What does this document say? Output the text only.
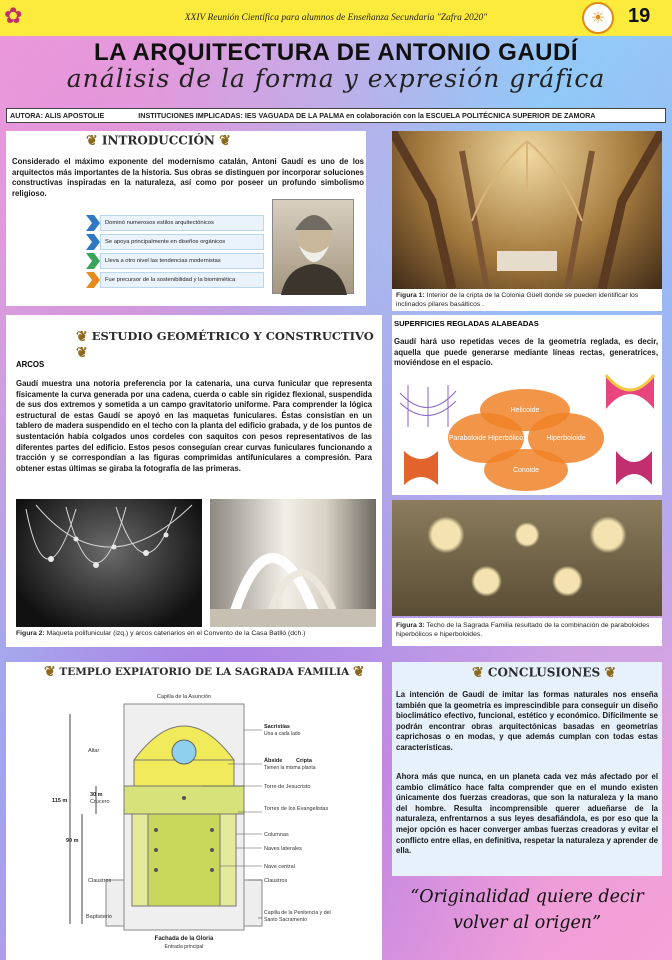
✿	XXIV Reunión Científica para alumnos de Enseñanza Secundaria "Zafra 2020"	☀	19
LA ARQUITECTURA DE ANTONIO GAUDÍ
análisis de la forma y expresión gráfica
AUTORA: ALIS APOSTOLIE	INSTITUCIONES IMPLICADAS: IES VAGUADA DE LA PALMA en colaboración con la ESCUELA POLITÉCNICA SUPERIOR DE ZAMORA
❦ INTRODUCCIÓN ❦
Considerado el máximo exponente del modernismo catalán, Antoni Gaudí es uno de los arquitectos más importantes de la historia. Sus obras se distinguen por incorporar soluciones constructivas inspiradas en la naturaleza, así como por poseer un profundo simbolismo religioso.
Dominó numerosos estilos arquitectónicos
Se apoya principalmente en diseños orgánicos
Lleva a otro nivel las tendencias modernistas
Fue precursor de la sostenibilidad y la biomimética
Figura 1: Interior de la cripta de la Colonia Güell donde se pueden identificar los inclinados pilares basálticos .
❦ ESTUDIO GEOMÉTRICO Y CONSTRUCTIVO ❦
ARCOS
Gaudí muestra una notoria preferencia por la catenaria, una curva funicular que representa físicamente la curva generada por una cadena, cuerda o cable sin rigidez flexional, suspendida de sus dos extremos y sometida a un campo gravitatorio uniforme. Para comprender la lógica estructural de estas Gaudí se apoyó en las maquetas funiculares. Éstas consistían en un tablero de madera suspendido en el techo con la planta del edificio grabada, y de los puntos de sustentación había colgados unos cordeles con saquitos con pesos representativos de las diferentes partes del edificio. Estos pesos conseguían crear curvas funiculares funcionando a tracción y se correspondían a las figuras comprimidas antifuniculares a compresión. Para obtener estas últimas se giraba la fotografía de las primeras.
Figura 2: Maqueta polifunicular (izq.) y arcos catenarios en el Convento de la Casa Batlló (dch.)
SUPERFICIES REGLADAS ALABEADAS
Gaudí hará uso repetidas veces de la geometría reglada, es decir, aquella que puede generarse mediante líneas rectas, generatrices, moviéndose en el espacio.
Helicoide
Paraboloide Hiperbólico	Hiperboloide
Conoide
Figura 3: Techo de la Sagrada Familia resultado de la combinación de paraboloides hiperbólicos e hiperboloides.
❦ TEMPLO EXPIATORIO DE LA SAGRADA FAMILIA ❦
Capilla de la Asunción
Sacristías
Una a cada lado
Ábside Cripta
Tienen la misma planta
Altar
Torre de Jesucristo
30 m
Crucero
Torres de los Evangelistas
115 m
Columnas
Naves laterales
90 m
Nave central
Claustros	Claustros
Baptisterio
Capilla de la Penitencia y del Santo Sacramento
Fachada de la Gloria
Entrada principal
❦ CONCLUSIONES ❦
La intención de Gaudí de imitar las formas naturales nos enseña también que la geometría es imprescindible para conseguir un diseño bioclimático efectivo, funcional, estético y económico. Difícilmente se podrán encontrar obras arquitectónicas basadas en geometrías caprichosas o en modas, y que además cumplan con todas estas características.
Ahora más que nunca, en un planeta cada vez más afectado por el cambio climático hace falta comprender que en el mundo existen únicamente dos fuerzas creadoras, que son la naturaleza y la mano del hombre. Resulta incomprensible querer adueñarse de la naturaleza, enfrentarnos a sus leyes desafiándola, es por eso que la mejor opción es hacer converger ambas fuerzas creadoras y evitar el conflicto entre ellas, en definitiva, respetar la naturaleza y aprender de ella.
“Originalidad quiere decir volver al origen”
